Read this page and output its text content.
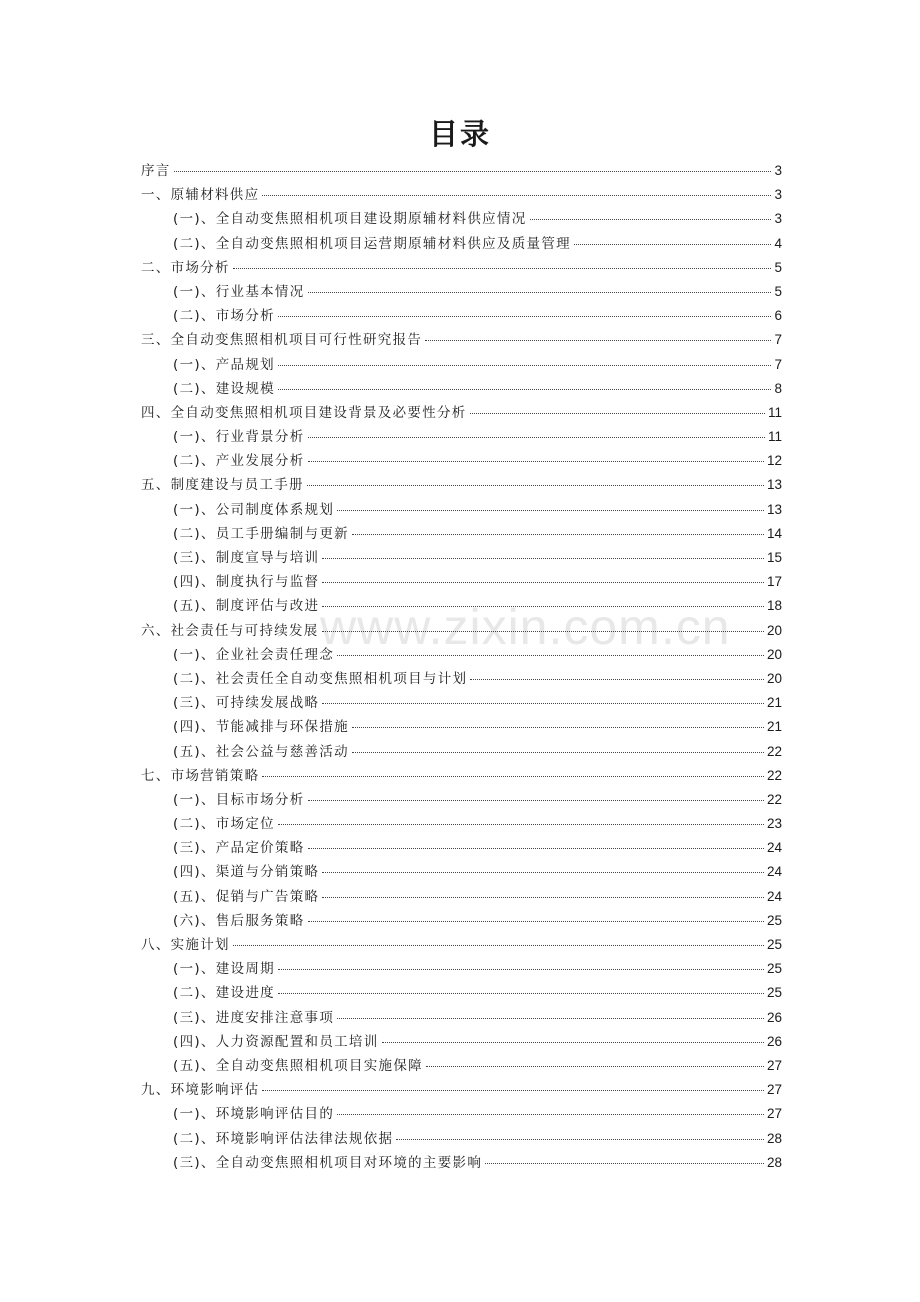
目录
www.zixin.com.cn
序言	3
一、原辅材料供应	3
(一)、全自动变焦照相机项目建设期原辅材料供应情况	3
(二)、全自动变焦照相机项目运营期原辅材料供应及质量管理	4
二、市场分析	5
(一)、行业基本情况	5
(二)、市场分析	6
三、全自动变焦照相机项目可行性研究报告	7
(一)、产品规划	7
(二)、建设规模	8
四、全自动变焦照相机项目建设背景及必要性分析	11
(一)、行业背景分析	11
(二)、产业发展分析	12
五、制度建设与员工手册	13
(一)、公司制度体系规划	13
(二)、员工手册编制与更新	14
(三)、制度宣导与培训	15
(四)、制度执行与监督	17
(五)、制度评估与改进	18
六、社会责任与可持续发展	20
(一)、企业社会责任理念	20
(二)、社会责任全自动变焦照相机项目与计划	20
(三)、可持续发展战略	21
(四)、节能减排与环保措施	21
(五)、社会公益与慈善活动	22
七、市场营销策略	22
(一)、目标市场分析	22
(二)、市场定位	23
(三)、产品定价策略	24
(四)、渠道与分销策略	24
(五)、促销与广告策略	24
(六)、售后服务策略	25
八、实施计划	25
(一)、建设周期	25
(二)、建设进度	25
(三)、进度安排注意事项	26
(四)、人力资源配置和员工培训	26
(五)、全自动变焦照相机项目实施保障	27
九、环境影响评估	27
(一)、环境影响评估目的	27
(二)、环境影响评估法律法规依据	28
(三)、全自动变焦照相机项目对环境的主要影响	28
